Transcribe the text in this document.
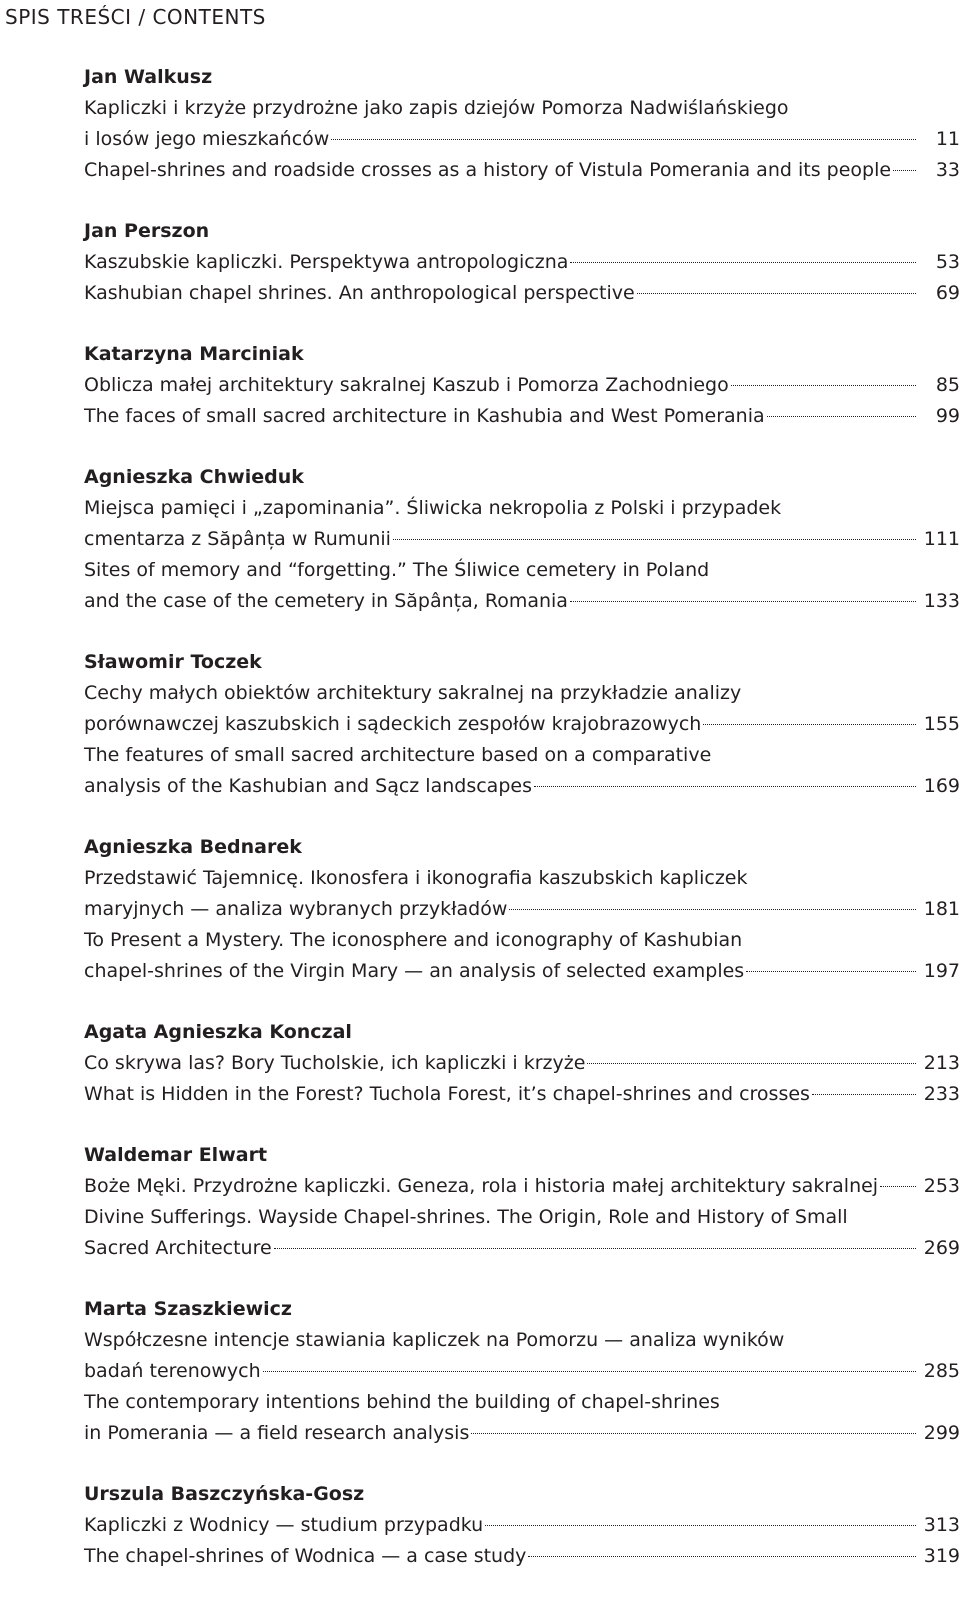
SPIS TREŚCI / CONTENTS
Jan Walkusz
Kapliczki i krzyże przydrożne jako zapis dziejów Pomorza Nadwiślańskiego
i losów jego mieszkańców	11
Chapel-shrines and roadside crosses as a history of Vistula Pomerania and its people	33
Jan Perszon
Kaszubskie kapliczki. Perspektywa antropologiczna	53
Kashubian chapel shrines. An anthropological perspective	69
Katarzyna Marciniak
Oblicza małej architektury sakralnej Kaszub i Pomorza Zachodniego	85
The faces of small sacred architecture in Kashubia and West Pomerania	99
Agnieszka Chwieduk
Miejsca pamięci i „zapominania”. Śliwicka nekropolia z Polski i przypadek
cmentarza z Săpânța w Rumunii	111
Sites of memory and “forgetting.” The Śliwice cemetery in Poland
and the case of the cemetery in Săpânța, Romania	133
Sławomir Toczek
Cechy małych obiektów architektury sakralnej na przykładzie analizy
porównawczej kaszubskich i sądeckich zespołów krajobrazowych	155
The features of small sacred architecture based on a comparative
analysis of the Kashubian and Sącz landscapes	169
Agnieszka Bednarek
Przedstawić Tajemnicę. Ikonosfera i ikonografia kaszubskich kapliczek
maryjnych — analiza wybranych przykładów	181
To Present a Mystery. The iconosphere and iconography of Kashubian
chapel-shrines of the Virgin Mary — an analysis of selected examples	197
Agata Agnieszka Konczal
Co skrywa las? Bory Tucholskie, ich kapliczki i krzyże	213
What is Hidden in the Forest? Tuchola Forest, it’s chapel-shrines and crosses	233
Waldemar Elwart
Boże Męki. Przydrożne kapliczki. Geneza, rola i historia małej architektury sakralnej 253
Divine Sufferings. Wayside Chapel-shrines. The Origin, Role and History of Small
Sacred Architecture	269
Marta Szaszkiewicz
Współczesne intencje stawiania kapliczek na Pomorzu — analiza wyników
badań terenowych	285
The contemporary intentions behind the building of chapel-shrines
in Pomerania — a field research analysis	299
Urszula Baszczyńska-Gosz
Kapliczki z Wodnicy — studium przypadku	313
The chapel-shrines of Wodnica — a case study	319
